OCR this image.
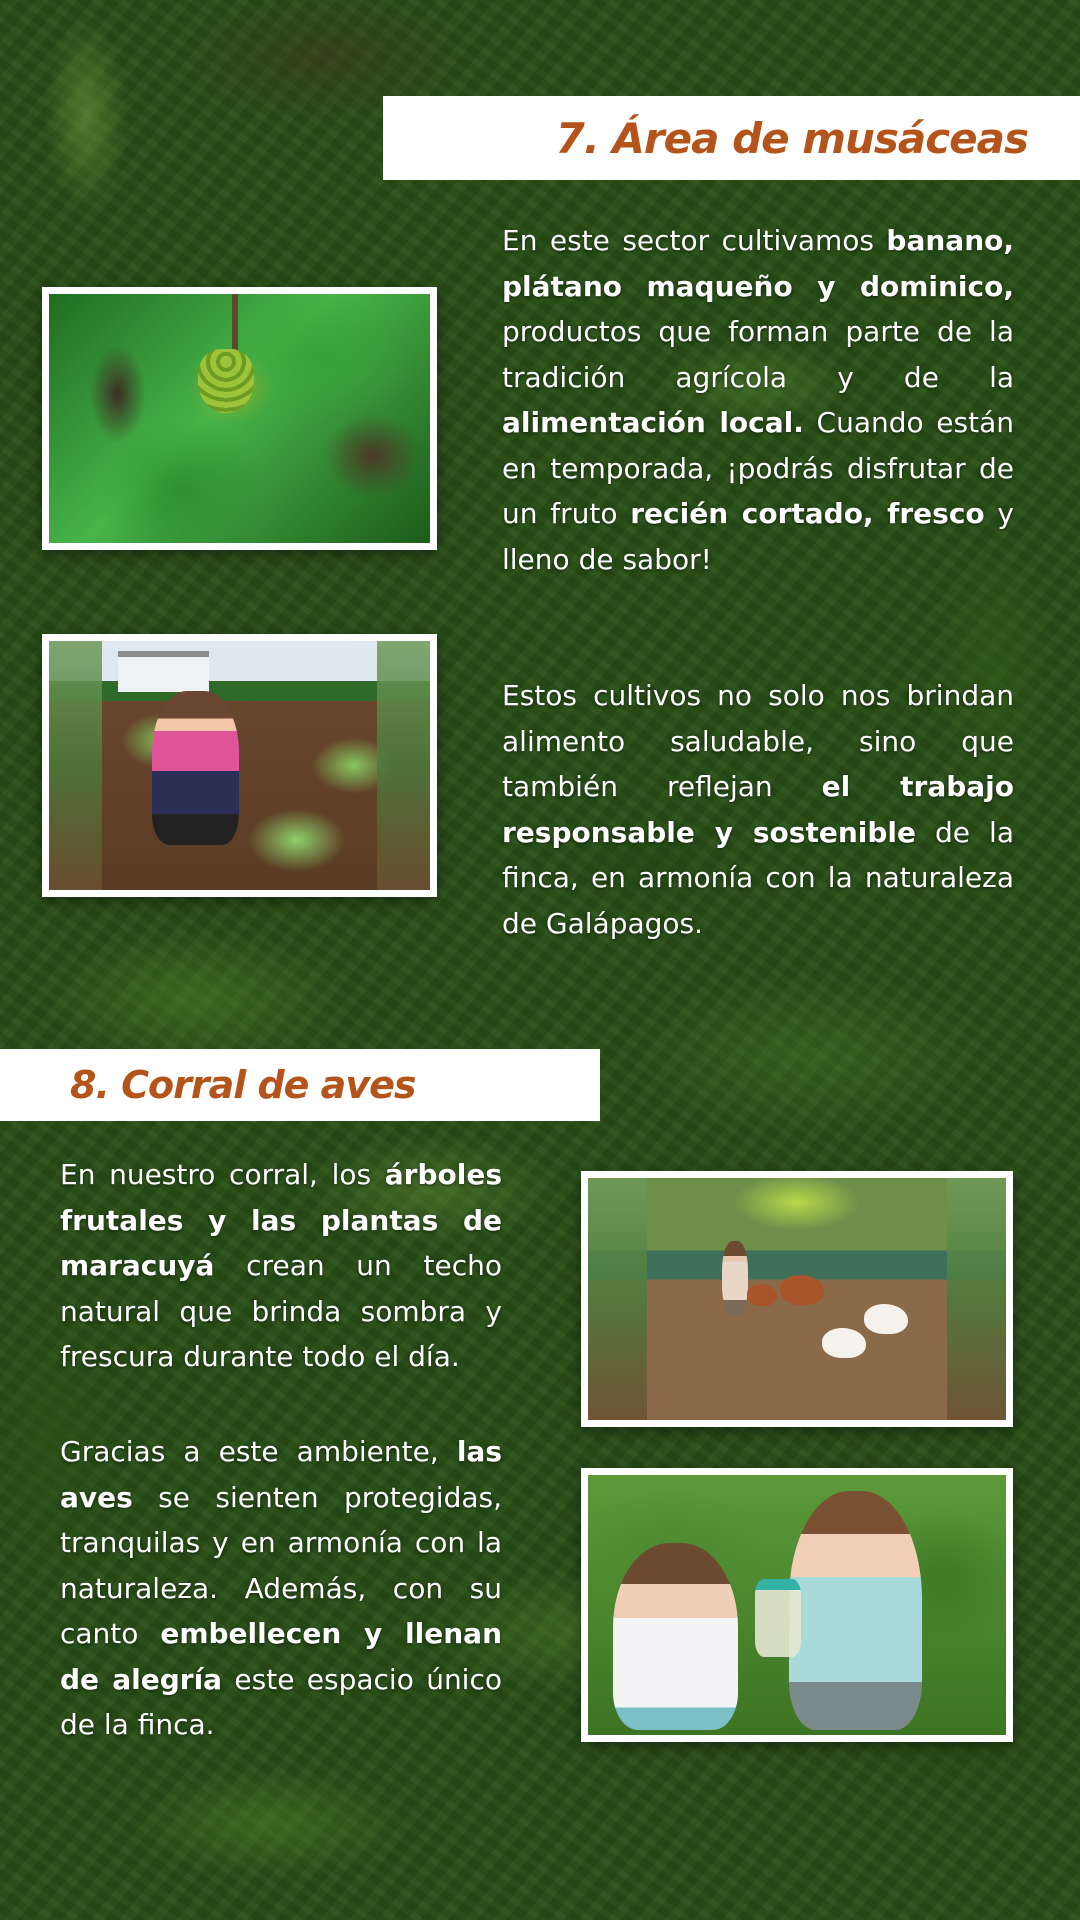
7. Área de musáceas

En este sector cultivamos banano, plátano maqueño y dominico, productos que forman parte de la tradición agrícola y de la alimentación local. Cuando están en temporada, ¡podrás disfrutar de un fruto recién cortado, fresco y lleno de sabor!

Estos cultivos no solo nos brindan alimento saludable, sino que también reflejan el trabajo responsable y sostenible de la finca, en armonía con la naturaleza de Galápagos.

8. Corral de aves

En nuestro corral, los árboles frutales y las plantas de maracuyá crean un techo natural que brinda sombra y frescura durante todo el día.

Gracias a este ambiente, las aves se sienten protegidas, tranquilas y en armonía con la naturaleza. Además, con su canto embellecen y llenan de alegría este espacio único de la finca.
